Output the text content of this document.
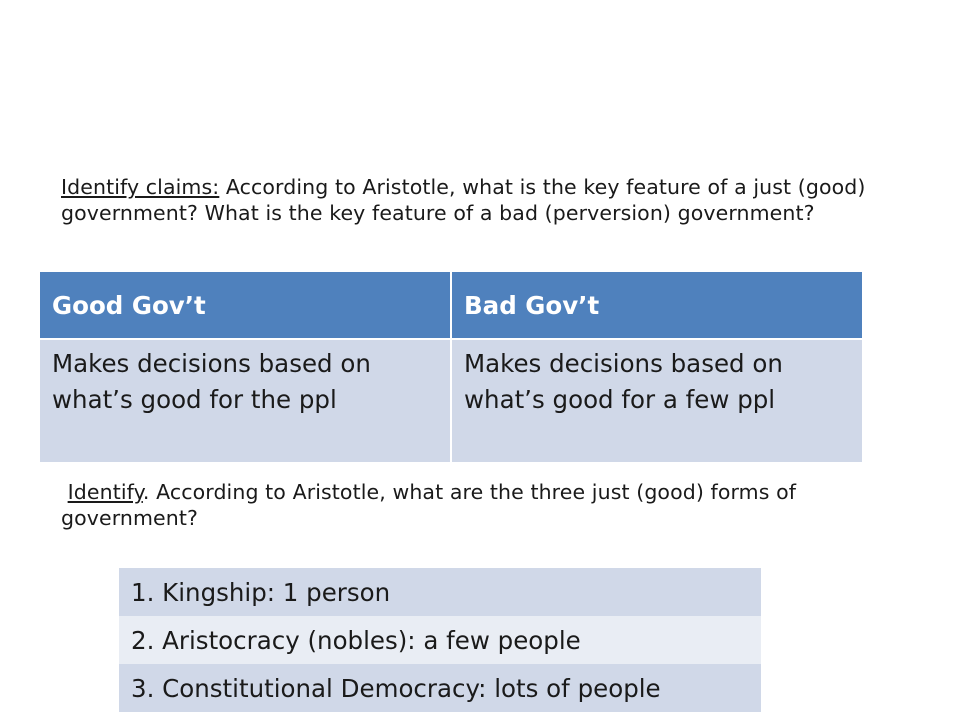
Identify claims: According to Aristotle, what is the key feature of a just (good) government? What is the key feature of a bad (perversion) government?

Good Gov’t	Bad Gov’t
Makes decisions based on what’s good for the ppl	Makes decisions based on what’s good for a few ppl

Identify. According to Aristotle, what are the three just (good) forms of government?

1. Kingship: 1 person
2. Aristocracy (nobles): a few people
3. Constitutional Democracy: lots of people
